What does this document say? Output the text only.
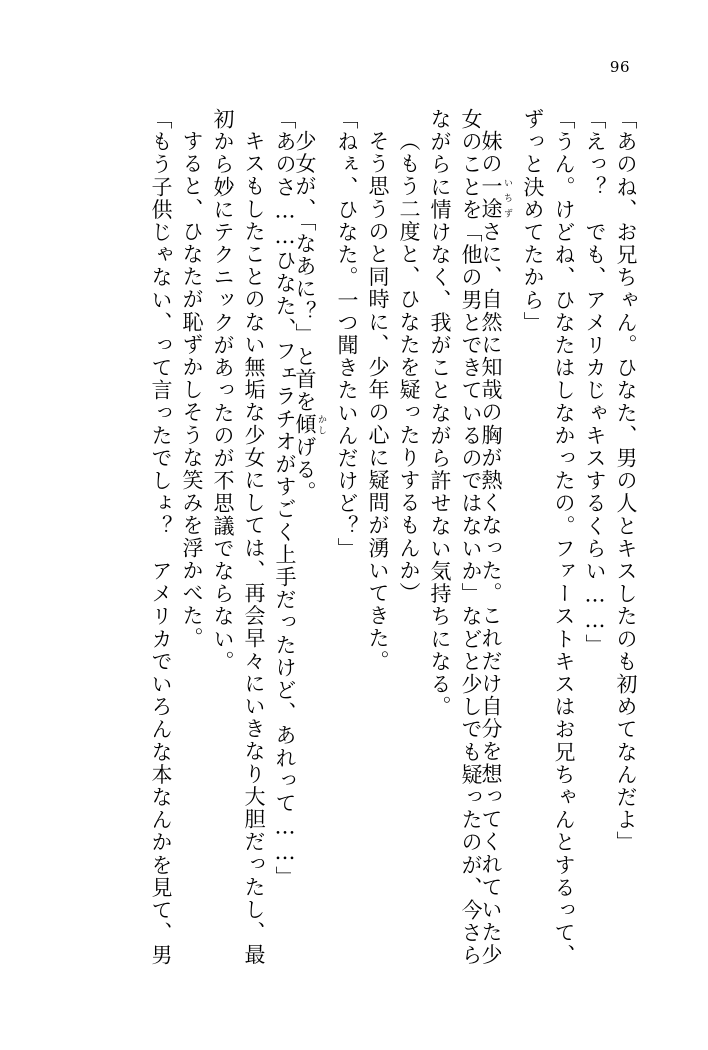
96
「あのね、お兄ちゃん。ひなた、男の人とキスしたのも初めてなんだよ」
「えっ？　でも、アメリカじゃキスするくらい……」
「うん。けどね、ひなたはしなかったの。ファーストキスはお兄ちゃんとするって、
ずっと決めてたから」
妹の一途 いちずさに、自然に知哉の胸が熱くなった。これだけ自分を想ってくれていた少
女のことを「他の男とできているのではないか」などと少しでも疑ったのが、今さら
ながらに情けなく、我がことながら許せない気持ちになる。
（もう二度と、ひなたを疑ったりするもんか）
そう思うのと同時に、少年の心に疑問が湧いてきた。
「ねぇ、ひなた。一つ聞きたいんだけど？」
少女が、「なあに？」と首を傾 かしげる。
「あのさ……ひなた、フェラチオがすごく上手だったけど、あれって……」
キスもしたことのない無垢な少女にしては、再会早々にいきなり大胆だったし、最
初から妙にテクニックがあったのが不思議でならない。
すると、ひなたが恥ずかしそうな笑みを浮かべた。
「もう子供じゃない、って言ったでしょ？　アメリカでいろんな本なんかを見て、男
